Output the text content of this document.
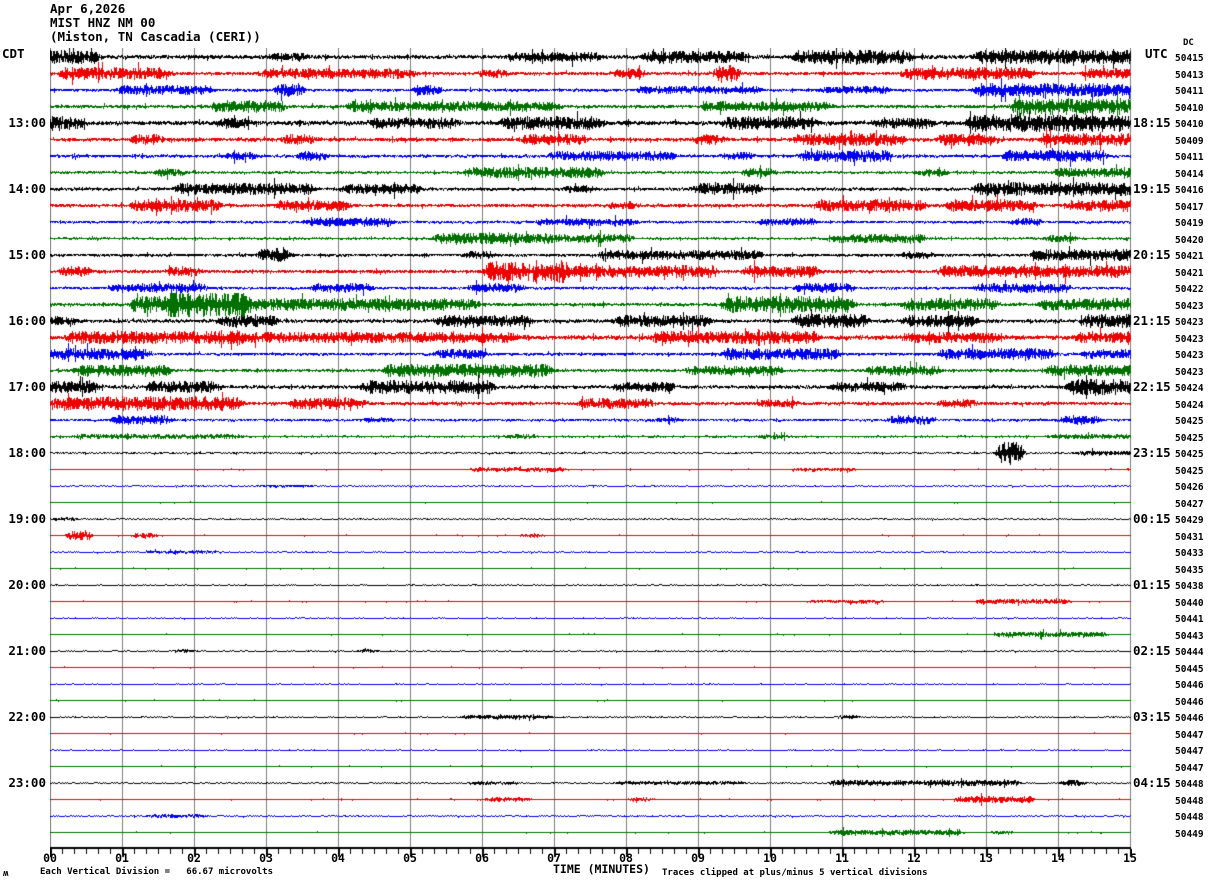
Apr 6,2026
MIST HNZ NM 00
(Miston, TN Cascadia (CERI))
CDT	UTC
DC
13:00
14:00
15:00
16:00
17:00
18:00
19:00
20:00
21:00
22:00
23:00
18:15
19:15
20:15
21:15
22:15
23:15
00:15
01:15
02:15
03:15
04:15
50415
50413
50411
50410
50410
50409
50411
50414
50416
50417
50419
50420
50421
50421
50422
50423
50423
50423
50423
50423
50424
50424
50425
50425
50425
50425
50426
50427
50429
50431
50433
50435
50438
50440
50441
50443
50444
50445
50446
50446
50446
50447
50447
50447
50448
50448
50448
50449
00	01	02	03	04	05	06	07	08	09	10	11	12	13	14	15
Each Vertical Division =   66.67 microvolts	TIME (MINUTES) Traces clipped at plus/minus 5 vertical divisions
ʍ
